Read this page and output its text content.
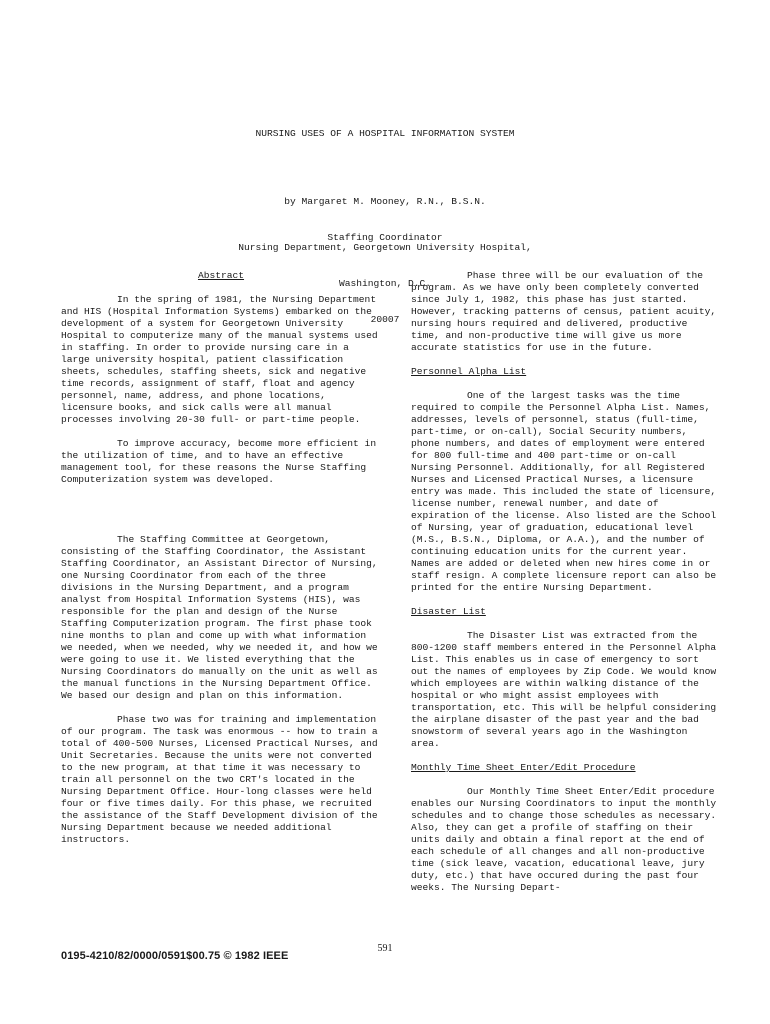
NURSING USES OF A HOSPITAL INFORMATION SYSTEM

by Margaret M. Mooney, R.N., B.S.N.

Staffing Coordinator

Nursing Department, Georgetown University Hospital,

Washington, D.C.

20007

Abstract

In the spring of 1981, the Nursing Department and HIS (Hospital Information Systems) embarked on the development of a system for Georgetown University Hospital to computerize many of the manual systems used in staffing. In order to provide nursing care in a large university hospital, patient classification sheets, schedules, staffing sheets, sick and negative time records, assignment of staff, float and agency personnel, name, address, and phone locations, licensure books, and sick calls were all manual processes involving 20-30 full- or part-time people.

To improve accuracy, become more efficient in the utilization of time, and to have an effective management tool, for these reasons the Nurse Staffing Computerization system was developed.

The Staffing Committee at Georgetown, consisting of the Staffing Coordinator, the Assistant Staffing Coordinator, an Assistant Director of Nursing, one Nursing Coordinator from each of the three divisions in the Nursing Department, and a program analyst from Hospital Information Systems (HIS), was responsible for the plan and design of the Nurse Staffing Computerization program. The first phase took nine months to plan and come up with what information we needed, when we needed, why we needed it, and how we were going to use it. We listed everything that the Nursing Coordinators do manually on the unit as well as the manual functions in the Nursing Department Office. We based our design and plan on this information.

Phase two was for training and implementation of our program. The task was enormous -- how to train a total of 400-500 Nurses, Licensed Practical Nurses, and Unit Secretaries. Because the units were not converted to the new program, at that time it was necessary to train all personnel on the two CRT's located in the Nursing Department Office. Hour-long classes were held four or five times daily. For this phase, we recruited the assistance of the Staff Development division of the Nursing Department because we needed additional instructors.

Phase three will be our evaluation of the program. As we have only been completely converted since July 1, 1982, this phase has just started. However, tracking patterns of census, patient acuity, nursing hours required and delivered, productive time, and non-productive time will give us more accurate statistics for use in the future.

Personnel Alpha List

One of the largest tasks was the time required to compile the Personnel Alpha List. Names, addresses, levels of personnel, status (full-time, part-time, or on-call), Social Security numbers, phone numbers, and dates of employment were entered for 800 full-time and 400 part-time or on-call Nursing Personnel. Additionally, for all Registered Nurses and Licensed Practical Nurses, a licensure entry was made. This included the state of licensure, license number, renewal number, and date of expiration of the license. Also listed are the School of Nursing, year of graduation, educational level (M.S., B.S.N., Diploma, or A.A.), and the number of continuing education units for the current year. Names are added or deleted when new hires come in or staff resign. A complete licensure report can also be printed for the entire Nursing Department.

Disaster List

The Disaster List was extracted from the 800-1200 staff members entered in the Personnel Alpha List. This enables us in case of emergency to sort out the names of employees by Zip Code. We would know which employees are within walking distance of the hospital or who might assist employees with transportation, etc. This will be helpful considering the airplane disaster of the past year and the bad snowstorm of several years ago in the Washington area.

Monthly Time Sheet Enter/Edit Procedure

Our Monthly Time Sheet Enter/Edit procedure enables our Nursing Coordinators to input the monthly schedules and to change those schedules as necessary. Also, they can get a profile of staffing on their units daily and obtain a final report at the end of each schedule of all changes and all non-productive time (sick leave, vacation, educational leave, jury duty, etc.) that have occured during the past four weeks. The Nursing Depart-

591
0195-4210/82/0000/0591$00.75 © 1982 IEEE
